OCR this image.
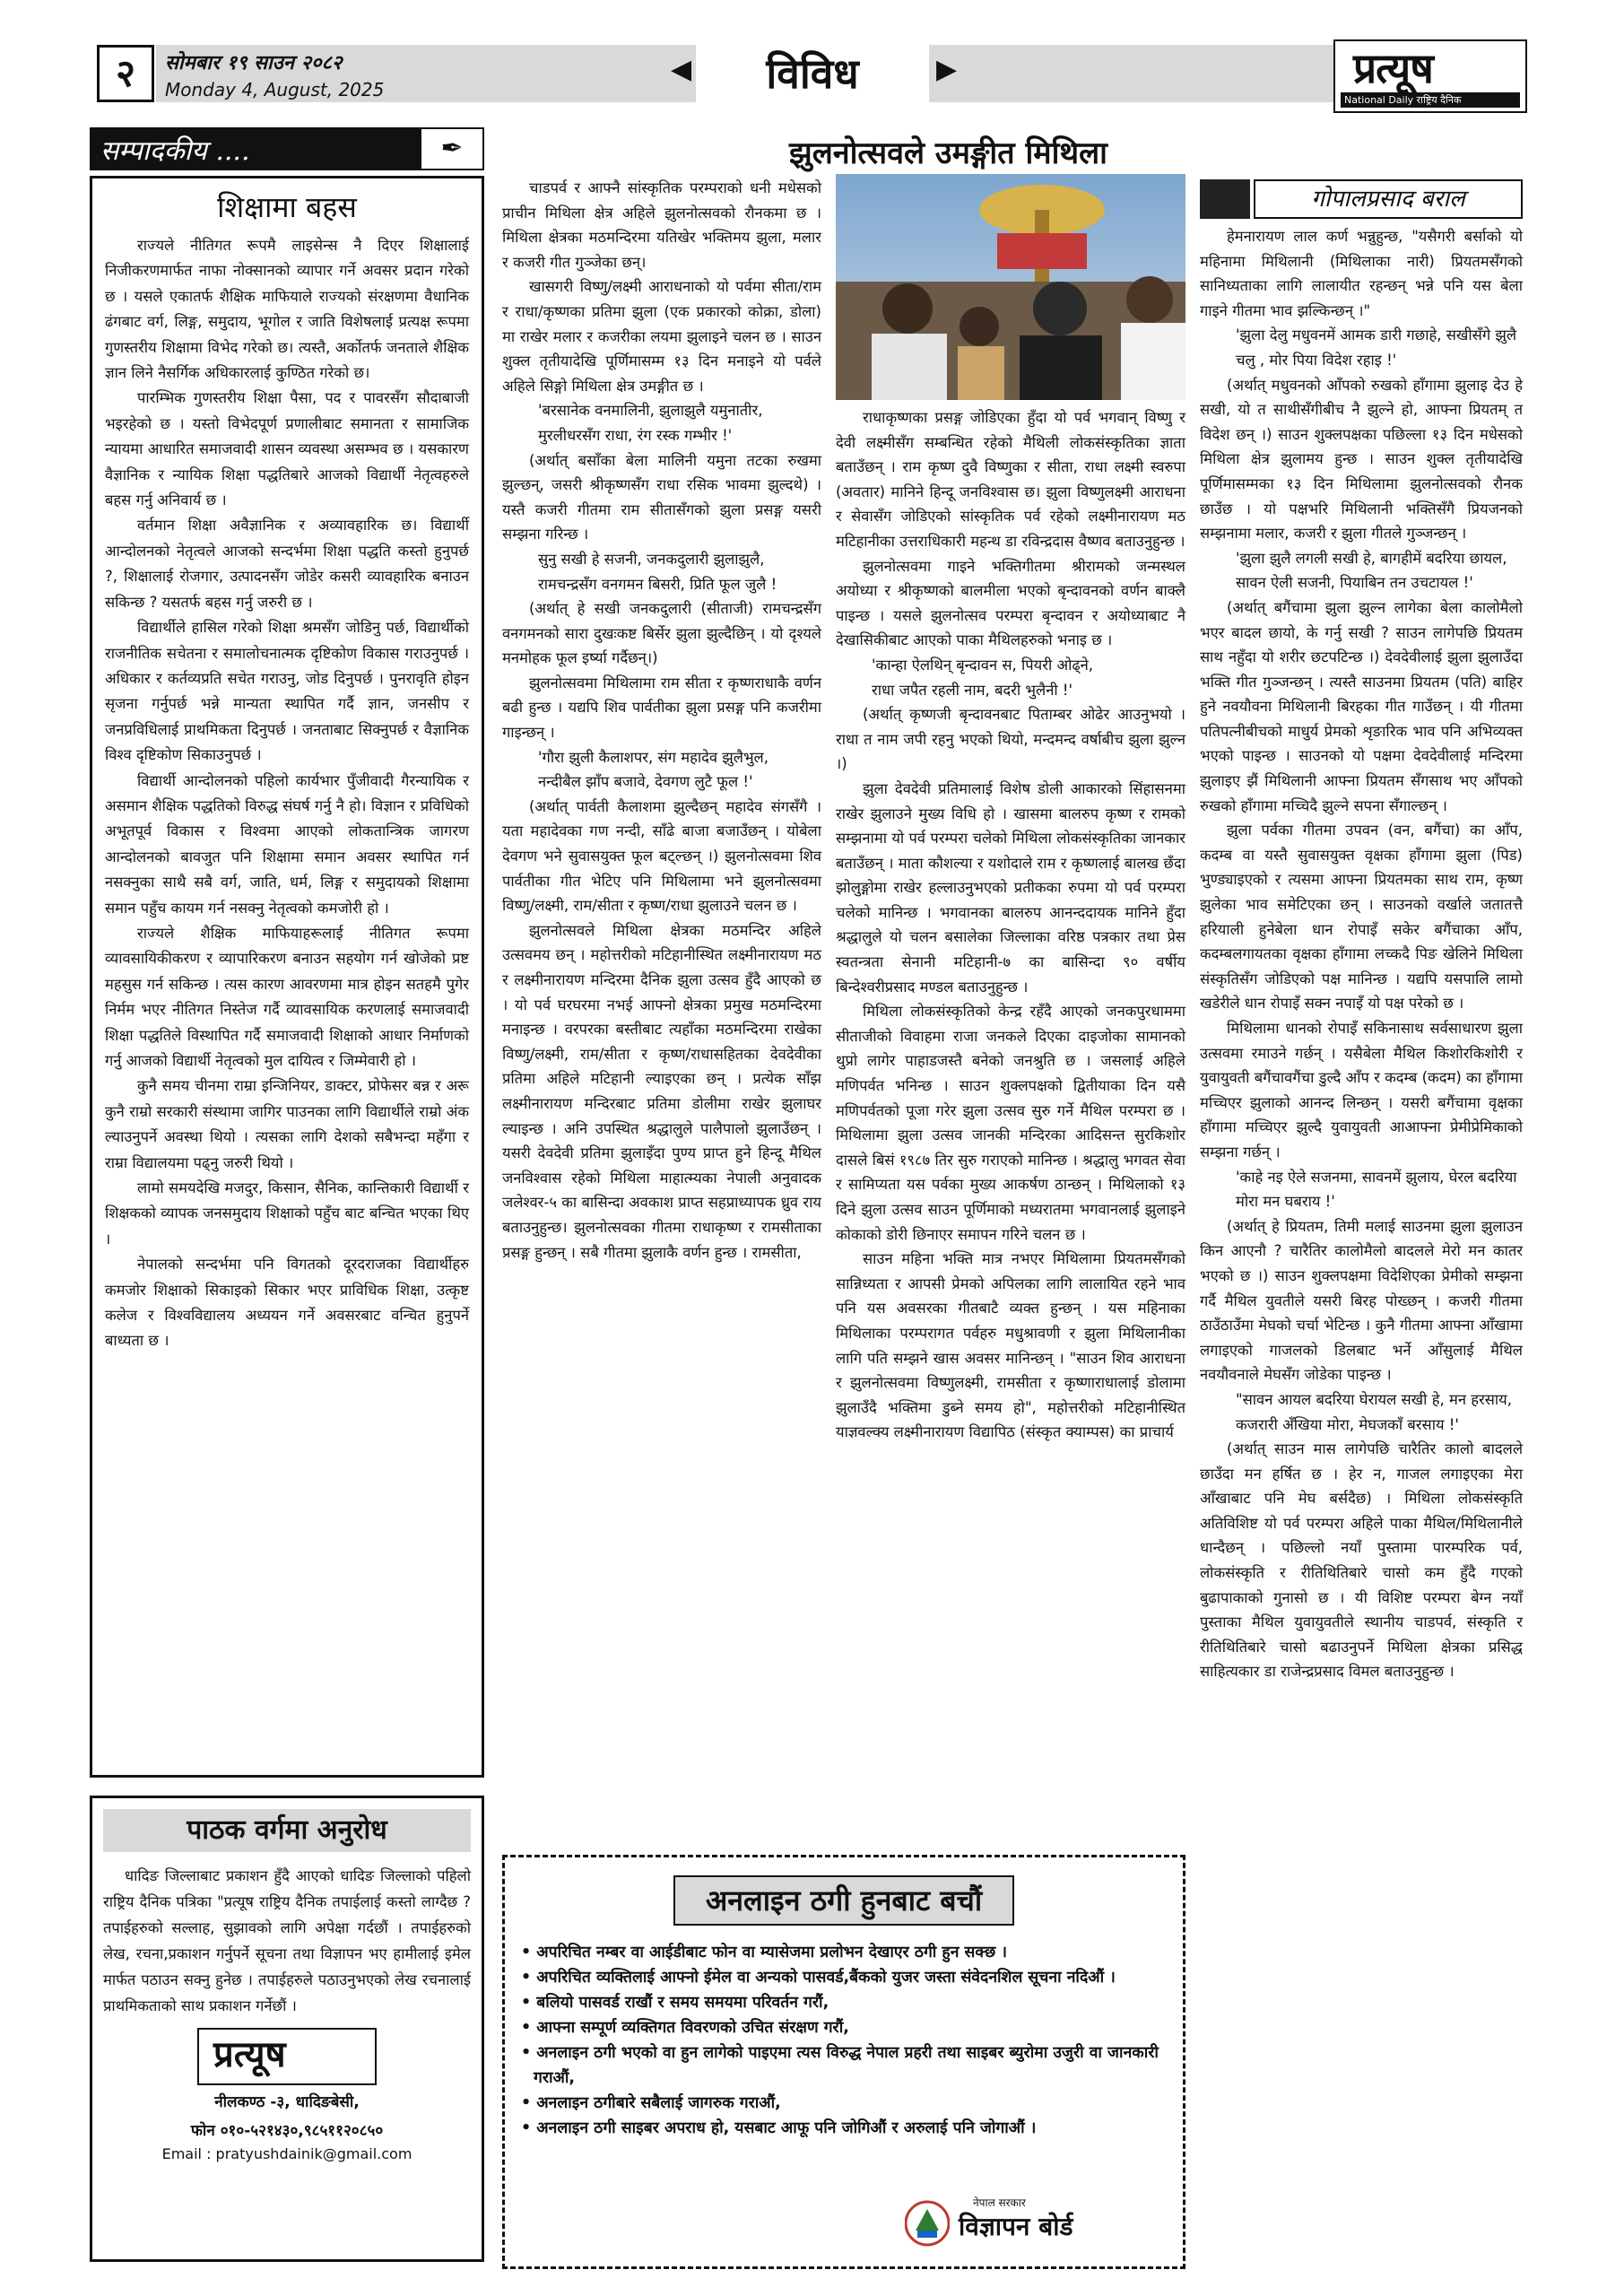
सोमबार १९ साउन २०८२
Monday 4, August, 2025
२	◀	विविध	▶	प्रत्यूष
National Daily राष्ट्रिय दैनिक
सम्पादकीय ....	✒
शिक्षामा बहस

राज्यले नीतिगत रूपमै लाइसेन्स नै दिएर शिक्षालाई निजीकरणमार्फत नाफा नोक्सानको व्यापार गर्ने अवसर प्रदान गरेको छ । यसले एकातर्फ शैक्षिक माफियाले राज्यको संरक्षणमा वैधानिक ढंगबाट वर्ग, लिङ्ग, समुदाय, भूगोल र जाति विशेषलाई प्रत्यक्ष रूपमा गुणस्तरीय शिक्षामा विभेद गरेको छ। त्यस्तै, अर्कोतर्फ जनताले शैक्षिक ज्ञान लिने नैसर्गिक अधिकारलाई कुण्ठित गरेको छ।

पारम्भिक गुणस्तरीय शिक्षा पैसा, पद र पावरसँग सौदाबाजी भइरहेको छ । यस्तो विभेदपूर्ण प्रणालीबाट समानता र सामाजिक न्यायमा आधारित समाजवादी शासन व्यवस्था असम्भव छ । यसकारण वैज्ञानिक र न्यायिक शिक्षा पद्धतिबारे आजको विद्यार्थी नेतृत्वहरुले बहस गर्नु अनिवार्य छ ।

वर्तमान शिक्षा अवैज्ञानिक र अव्यावहारिक छ। विद्यार्थी आन्दोलनको नेतृत्वले आजको सन्दर्भमा शिक्षा पद्धति कस्तो हुनुपर्छ ?, शिक्षालाई रोजगार, उत्पादनसँग जोडेर कसरी व्यावहारिक बनाउन सकिन्छ ? यसतर्फ बहस गर्नु जरुरी छ ।

विद्यार्थीले हासिल गरेको शिक्षा श्रमसँग जोडिनु पर्छ, विद्यार्थीको राजनीतिक सचेतना र समालोचनात्मक दृष्टिकोण विकास गराउनुपर्छ । अधिकार र कर्तव्यप्रति सचेत गराउनु, जोड दिनुपर्छ । पुनरावृति होइन सृजना गर्नुपर्छ भन्ने मान्यता स्थापित गर्दै ज्ञान, जनसीप र जनप्रविधिलाई प्राथमिकता दिनुपर्छ । जनताबाट सिक्नुपर्छ र वैज्ञानिक विश्व दृष्टिकोण सिकाउनुपर्छ ।

विद्यार्थी आन्दोलनको पहिलो कार्यभार पुँजीवादी गैरन्यायिक र असमान शैक्षिक पद्धतिको विरुद्ध संघर्ष गर्नु नै हो। विज्ञान र प्रविधिको अभूतपूर्व विकास र विश्वमा आएको लोकतान्त्रिक जागरण आन्दोलनको बावजुत पनि शिक्षामा समान अवसर स्थापित गर्न नसक्नुका साथै सबै वर्ग, जाति, धर्म, लिङ्ग र समुदायको शिक्षामा समान पहुँच कायम गर्न नसक्नु नेतृत्वको कमजोरी हो ।

राज्यले शैक्षिक माफियाहरूलाई नीतिगत रूपमा व्यावसायिकीकरण र व्यापारिकरण बनाउन सहयोग गर्न खोजेको प्रष्ट महसुस गर्न सकिन्छ । त्यस कारण आवरणमा मात्र होइन सतहमै पुगेर निर्मम भएर नीतिगत निस्तेज गर्दै व्यावसायिक करणलाई समाजवादी शिक्षा पद्धतिले विस्थापित गर्दै समाजवादी शिक्षाको आधार निर्माणको गर्नु आजको विद्यार्थी नेतृत्वको मुल दायित्व र जिम्मेवारी हो ।

कुनै समय चीनमा राम्रा इन्जिनियर, डाक्टर, प्रोफेसर बन्न र अरू कुनै राम्रो सरकारी संस्थामा जागिर पाउनका लागि विद्यार्थीले राम्रो अंक ल्याउनुपर्ने अवस्था थियो । त्यसका लागि देशको सबैभन्दा महँगा र राम्रा विद्यालयमा पढ्नु जरुरी थियो ।

लामो समयदेखि मजदुर, किसान, सैनिक, कान्तिकारी विद्यार्थी र शिक्षकको व्यापक जनसमुदाय शिक्षाको पहुँच बाट बन्चित भएका थिए ।

नेपालको सन्दर्भमा पनि विगतको दूरदराजका विद्यार्थीहरु कमजोर शिक्षाको सिकाइको सिकार भएर प्राविधिक शिक्षा, उत्कृष्ट कलेज र विश्वविद्यालय अध्ययन गर्ने अवसरबाट वन्चित हुनुपर्ने बाध्यता छ ।

पाठक वर्गमा अनुरोध

धादिङ जिल्लाबाट प्रकाशन हुँदै आएको धादिङ जिल्लाको पहिलो राष्ट्रिय दैनिक पत्रिका "प्रत्यूष राष्ट्रिय दैनिक तपाईलाई कस्तो लाग्दैछ ? तपाईहरुको सल्लाह, सुझावको लागि अपेक्षा गर्दछौं । तपाईहरुको लेख, रचना,प्रकाशन गर्नुपर्ने सूचना तथा विज्ञापन भए हामीलाई इमेल मार्फत पठाउन सक्नु हुनेछ । तपाईहरुले पठाउनुभएको लेख रचनालाई प्राथमिकताको साथ प्रकाशन गर्नेछौं ।

प्रत्यूष
नीलकण्ठ -३, धादिङबेसी,
फोन ०१०-५२१४३०,९८५११२०८५०
Email : pratyushdainik@gmail.com
झुलनोत्सवले उमङ्गीत मिथिला

चाडपर्व र आफ्नै सांस्कृतिक परम्पराको धनी मधेसको प्राचीन मिथिला क्षेत्र अहिले झुलनोत्सवको रौनकमा छ । मिथिला क्षेत्रका मठमन्दिरमा यतिखेर भक्तिमय झुला, मलार र कजरी गीत गुञ्जेका छन्।

खासगरी विष्णु/लक्ष्मी आराधनाको यो पर्वमा सीता/राम र राधा/कृष्णका प्रतिमा झुला (एक प्रकारको कोक्रा, डोला) मा राखेर मलार र कजरीका लयमा झुलाइने चलन छ । साउन शुक्ल तृतीयादेखि पूर्णिमासम्म १३ दिन मनाइने यो पर्वले अहिले सिङ्गो मिथिला क्षेत्र उमङ्गीत छ ।

'बरसानेक वनमालिनी, झुलाझुलै यमुनातीर,

मुरलीधरसँग राधा, रंग रस्क गम्भीर !'

(अर्थात् बसाँका बेला मालिनी यमुना तटका रुखमा झुल्छन्, जसरी श्रीकृष्णसँग राधा रसिक भावमा झुल्दथे) । यस्तै कजरी गीतमा राम सीतासँगको झुला प्रसङ्ग यसरी सम्झना गरिन्छ ।

सुनु सखी हे सजनी, जनकदुलारी झुलाझुलै,

रामचन्द्रसँग वनगमन बिसरी, प्रिति फूल जुलै !

(अर्थात् हे सखी जनकदुलारी (सीताजी) रामचन्द्रसँग वनगमनको सारा दुखःकष्ट बिर्सेर झुला झुल्दैछिन् । यो दृश्यले मनमोहक फूल इर्ष्या गर्दैछन्।)

झुलनोत्सवमा मिथिलामा राम सीता र कृष्णराधाकै वर्णन बढी हुन्छ । यद्यपि शिव पार्वतीका झुला प्रसङ्ग पनि कजरीमा गाइन्छन् ।

'गौरा झुली कैलाशपर, संग महादेव झुलैभुल,

नन्दीबैल झाँप बजावे, देवगण लुटै फूल !'

(अर्थात् पार्वती कैलाशमा झुल्दैछन् महादेव संगसँगै । यता महादेवका गण नन्दी, साँढे बाजा बजाउँछन् । योबेला देवगण भने सुवासयुक्त फूल बट्ल्छन् ।) झुलनोत्सवमा शिव पार्वतीका गीत भेटिए पनि मिथिलामा भने झुलनोत्सवमा विष्णु/लक्ष्मी, राम/सीता र कृष्ण/राधा झुलाउने चलन छ ।

झुलनोत्सवले मिथिला क्षेत्रका मठमन्दिर अहिले उत्सवमय छन् । महोत्तरीको मटिहानीस्थित लक्ष्मीनारायण मठ र लक्ष्मीनारायण मन्दिरमा दैनिक झुला उत्सव हुँदै आएको छ । यो पर्व घरघरमा नभई आफ्नो क्षेत्रका प्रमुख मठमन्दिरमा मनाइन्छ । वरपरका बस्तीबाट त्यहाँका मठमन्दिरमा राखेका विष्णु/लक्ष्मी, राम/सीता र कृष्ण/राधासहितका देवदेवीका प्रतिमा अहिले मटिहानी ल्याइएका छन् । प्रत्येक साँझ लक्ष्मीनारायण मन्दिरबाट प्रतिमा डोलीमा राखेर झुलाघर ल्याइन्छ । अनि उपस्थित श्रद्धालुले पालैपालो झुलाउँछन् । यसरी देवदेवी प्रतिमा झुलाइँदा पुण्य प्राप्त हुने हिन्दू मैथिल जनविश्वास रहेको मिथिला माहात्म्यका नेपाली अनुवादक जलेश्वर-५ का बासिन्दा अवकाश प्राप्त सहप्राध्यापक ध्रुव राय बताउनुहुन्छ। झुलनोत्सवका गीतमा राधाकृष्ण र रामसीताका प्रसङ्ग हुन्छन् । सबै गीतमा झुलाकै वर्णन हुन्छ । रामसीता,

राधाकृष्णका प्रसङ्ग जोडिएका हुँदा यो पर्व भगवान् विष्णु र देवी लक्ष्मीसँग सम्बन्धित रहेको मैथिली लोकसंस्कृतिका ज्ञाता बताउँछन् । राम कृष्ण दुवै विष्णुका र सीता, राधा लक्ष्मी स्वरुपा (अवतार) मानिने हिन्दू जनविश्वास छ। झुला विष्णुलक्ष्मी आराधना र सेवासँग जोडिएको सांस्कृतिक पर्व रहेको लक्ष्मीनारायण मठ मटिहानीका उत्तराधिकारी महन्थ डा रविन्द्रदास वैष्णव बताउनुहुन्छ ।

झुलनोत्सवमा गाइने भक्तिगीतमा श्रीरामको जन्मस्थल अयोध्या र श्रीकृष्णको बालमीला भएको बृन्दावनको वर्णन बाक्लै पाइन्छ । यसले झुलनोत्सव परम्परा बृन्दावन र अयोध्याबाट नै देखासिकीबाट आएको पाका मैथिलहरुको भनाइ छ ।

'कान्हा ऐलथिन् बृन्दावन स, पियरी ओढ्ने,

राधा जपैत रहली नाम, बदरी भुलैनी !'

(अर्थात् कृष्णजी बृन्दावनबाट पिताम्बर ओढेर आउनुभयो । राधा त नाम जपी रहनु भएको थियो, मन्दमन्द वर्षाबीच झुला झुल्न ।)

झुला देवदेवी प्रतिमालाई विशेष डोली आकारको सिंहासनमा राखेर झुलाउने मुख्य विधि हो । खासमा बालरुप कृष्ण र रामको सम्झनामा यो पर्व परम्परा चलेको मिथिला लोकसंस्कृतिका जानकार बताउँछन् । माता कौशल्या र यशोदाले राम र कृष्णलाई बालख छँदा झोलुङ्गोमा राखेर हल्लाउनुभएको प्रतीकका रुपमा यो पर्व परम्परा चलेको मानिन्छ । भगवानका बालरुप आनन्ददायक मानिने हुँदा श्रद्धालुले यो चलन बसालेका जिल्लाका वरिष्ठ पत्रकार तथा प्रेस स्वतन्त्रता सेनानी मटिहानी-७ का बासिन्दा ९० वर्षीय बिन्देश्वरीप्रसाद मण्डल बताउनुहुन्छ ।

मिथिला लोकसंस्कृतिको केन्द्र रहँदै आएको जनकपुरधाममा सीताजीको विवाहमा राजा जनकले दिएका दाइजोका सामानको थुप्रो लागेर पाहाडजस्तै बनेको जनश्रुति छ । जसलाई अहिले मणिपर्वत भनिन्छ । साउन शुक्लपक्षको द्वितीयाका दिन यसै मणिपर्वतको पूजा गरेर झुला उत्सव सुरु गर्ने मैथिल परम्परा छ । मिथिलामा झुला उत्सव जानकी मन्दिरका आदिसन्त सुरकिशोर दासले बिसं १९८७ तिर सुरु गराएको मानिन्छ । श्रद्धालु भगवत सेवा र सामिप्यता यस पर्वका मुख्य आकर्षण ठान्छन् । मिथिलाको १३ दिने झुला उत्सव साउन पूर्णिमाको मध्यरातमा भगवानलाई झुलाइने कोकाको डोरी छिनाएर समापन गरिने चलन छ ।

साउन महिना भक्ति मात्र नभएर मिथिलामा प्रियतमसँगको सान्निध्यता र आपसी प्रेमको अपिलका लागि लालायित रहने भाव पनि यस अवसरका गीतबाटै व्यक्त हुन्छन् । यस महिनाका मिथिलाका परम्परागत पर्वहरु मधुश्रावणी र झुला मिथिलानीका लागि पति सम्झने खास अवसर मानिन्छन् । "साउन शिव आराधना र झुलनोत्सवमा विष्णुलक्ष्मी, रामसीता र कृष्णाराधालाई डोलामा झुलाउँदै भक्तिमा डुब्ने समय हो", महोत्तरीको मटिहानीस्थित याज्ञवल्क्य लक्ष्मीनारायण विद्यापिठ (संस्कृत क्याम्पस) का प्राचार्य

गोपालप्रसाद बराल

हेमनारायण लाल कर्ण भन्नुहुन्छ, "यसैगरी बर्साको यो महिनामा मिथिलानी (मिथिलाका नारी) प्रियतमसँगको सानिध्यताका लागि लालायीत रहन्छन् भन्ने पनि यस बेला गाइने गीतमा भाव झल्किन्छन् ।"

'झुला देलु मधुवनमें आमक डारी गछाहे, सखीसँगे झुलै चलु , मोर पिया विदेश रहाइ !'

(अर्थात् मधुवनको आँपको रुखको हाँगामा झुलाइ देउ हे सखी, यो त साथीसँगीबीच नै झुल्ने हो, आफ्ना प्रियतम् त विदेश छन् ।) साउन शुक्लपक्षका पछिल्ला १३ दिन मधेसको मिथिला क्षेत्र झुलामय हुन्छ । साउन शुक्ल तृतीयादेखि पूर्णिमासम्मका १३ दिन मिथिलामा झुलनोत्सवको रौनक छाउँछ । यो पक्षभरि मिथिलानी भक्तिसँगै प्रियजनको सम्झनामा मलार, कजरी र झुला गीतले गुञ्जन्छन् ।

'झुला झुलै लगली सखी हे, बागहीमें बदरिया छायल,

सावन ऐली सजनी, पियाबिन तन उचटायल !'

(अर्थात् बगैंचामा झुला झुल्न लागेका बेला कालोमैलो भएर बादल छायो, के गर्नु सखी ? साउन लागेपछि प्रियतम साथ नहुँदा यो शरीर छटपटिन्छ ।) देवदेवीलाई झुला झुलाउँदा भक्ति गीत गुञ्जन्छन् । त्यस्तै साउनमा प्रियतम (पति) बाहिर हुने नवयौवना मिथिलानी बिरहका गीत गाउँछन् । यी गीतमा पतिपत्नीबीचको माधुर्य प्रेमको शृङारिक भाव पनि अभिव्यक्त भएको पाइन्छ । साउनको यो पक्षमा देवदेवीलाई मन्दिरमा झुलाइए झैं मिथिलानी आफ्ना प्रियतम सँगसाथ भए आँपको रुखको हाँगामा मच्चिदै झुल्ने सपना सँगाल्छन् ।

झुला पर्वका गीतमा उपवन (वन, बगैंचा) का आँप, कदम्ब वा यस्तै सुवासयुक्त वृक्षका हाँगामा झुला (पिड) भुण्ड्याइएको र त्यसमा आफ्ना प्रियतमका साथ राम, कृष्ण झुलेका भाव समेटिएका छन् । साउनको वर्खाले जतातत्तै हरियाली हुनेबेला धान रोपाइँ सकेर बगैंचाका आँप, कदम्बलगायतका वृक्षका हाँगामा लच्कदै पिङ खेलिने मिथिला संस्कृतिसँग जोडिएको पक्ष मानिन्छ । यद्यपि यसपालि लामो खडेरीले धान रोपाइँ सक्न नपाइँ यो पक्ष परेको छ ।

मिथिलामा धानको रोपाइँ सकिनासाथ सर्वसाधारण झुला उत्सवमा रमाउने गर्छन् । यसैबेला मैथिल किशोरकिशोरी र युवायुवती बगैंचावगैंचा डुल्दै आँप र कदम्ब (कदम) का हाँगामा मच्चिएर झुलाको आनन्द लिन्छन् । यसरी बगैंचामा वृक्षका हाँगामा मच्चिएर झुल्दै युवायुवती आआफ्ना प्रेमीप्रेमिकाको सम्झना गर्छन् ।

'काहे नइ ऐले सजनमा, सावनमें झुलाय, घेरल बदरिया मोरा मन घबराय !'

(अर्थात् हे प्रियतम, तिमी मलाई साउनमा झुला झुलाउन किन आएनौ ? चारैतिर कालोमैलो बादलले मेरो मन कातर भएको छ ।) साउन शुक्लपक्षमा विदेशिएका प्रेमीको सम्झना गर्दै मैथिल युवतीले यसरी बिरह पोख्छन् । कजरी गीतमा ठाउँठाउँमा मेघको चर्चा भेटिन्छ । कुनै गीतमा आफ्ना आँखामा लगाइएको गाजलको डिलबाट भर्ने आँसुलाई मैथिल नवयौवनाले मेघसँग जोडेका पाइन्छ ।

"सावन आयल बदरिया घेरायल सखी हे, मन हरसाय,

कजरारी अँखिया मोरा, मेघजकाँ बरसाय !'

(अर्थात् साउन मास लागेपछि चारैतिर कालो बादलले छाउँदा मन हर्षित छ । हेर न, गाजल लगाइएका मेरा आँखाबाट पनि मेघ बर्सदैछ) । मिथिला लोकसंस्कृति अतिविशिष्ट यो पर्व परम्परा अहिले पाका मैथिल/मिथिलानीले धान्दैछन् । पछिल्लो नयाँ पुस्तामा पारम्परिक पर्व, लोकसंस्कृति र रीतिथितिबारे चासो कम हुँदै गएको बुढापाकाको गुनासो छ । यी विशिष्ट परम्परा बेग्न नयाँ पुस्ताका मैथिल युवायुवतीले स्थानीय चाडपर्व, संस्कृति र रीतिथितिबारे चासो बढाउनुपर्ने मिथिला क्षेत्रका प्रसिद्ध साहित्यकार डा राजेन्द्रप्रसाद विमल बताउनुहुन्छ ।

अनलाइन ठगी हुनबाट बचौं
• अपरिचित नम्बर वा आईडीबाट फोन वा म्यासेजमा प्रलोभन देखाएर ठगी हुन सक्छ ।
• अपरिचित व्यक्तिलाई आफ्नो ईमेल वा अन्यको पासवर्ड,बैंकको युजर जस्ता संवेदनशिल सूचना नदिऔं ।
• बलियो पासवर्ड राखौं र समय समयमा परिवर्तन गरौं,
• आफ्ना सम्पूर्ण व्यक्तिगत विवरणको उचित संरक्षण गरौं,
• अनलाइन ठगी भएको वा हुन लागेको पाइएमा त्यस विरुद्ध नेपाल प्रहरी तथा साइबर ब्युरोमा उजुरी वा जानकारी गराऔं,
• अनलाइन ठगीबारे सबैलाई जागरुक गराऔं,
• अनलाइन ठगी साइबर अपराध हो, यसबाट आफू पनि जोगिऔं र अरुलाई पनि जोगाऔं ।
नेपाल सरकार
विज्ञापन बोर्ड
